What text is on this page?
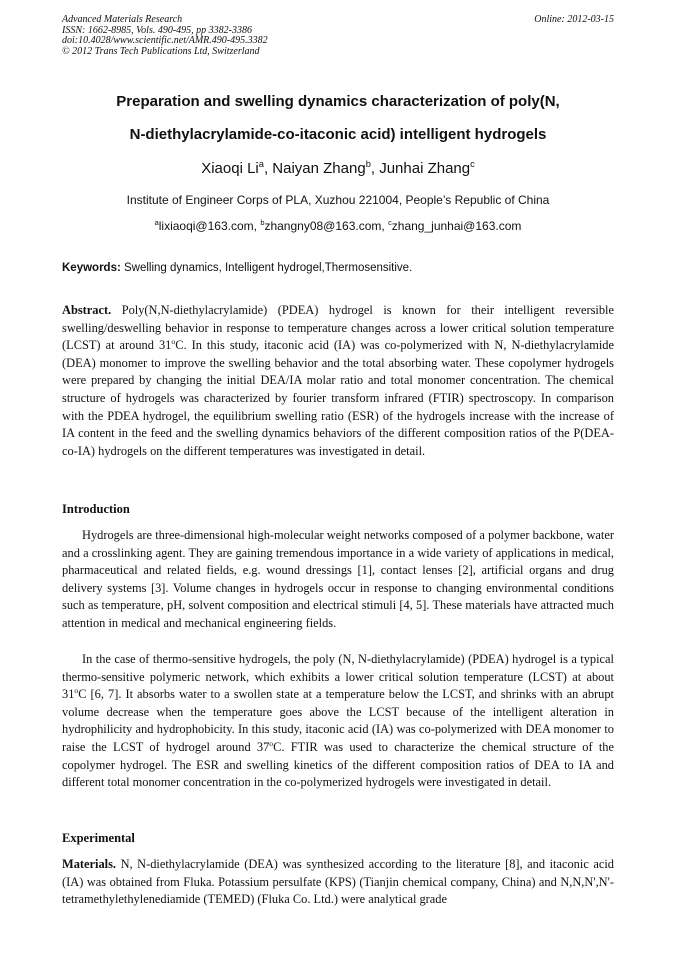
Advanced Materials Research
ISSN: 1662-8985, Vols. 490-495, pp 3382-3386
doi:10.4028/www.scientific.net/AMR.490-495.3382
© 2012 Trans Tech Publications Ltd, Switzerland
Online: 2012-03-15
Preparation and swelling dynamics characterization of poly(N,
N-diethylacrylamide-co-itaconic acid) intelligent hydrogels
Xiaoqi Li$^a$, Naiyan Zhang$^b$, Junhai Zhang$^c$
Institute of Engineer Corps of PLA, Xuzhou 221004, People’s Republic of China
$^a$lixiaoqi@163.com, $^b$zhangny08@163.com, $^c$zhang_junhai@163.com
Keywords: Swelling dynamics, Intelligent hydrogel,Thermosensitive.
Abstract. Poly(N,N-diethylacrylamide) (PDEA) hydrogel is known for their intelligent reversible swelling/deswelling behavior in response to temperature changes across a lower critical solution temperature (LCST) at around 31$^o$C. In this study, itaconic acid (IA) was co-polymerized with N, N-diethylacrylamide (DEA) monomer to improve the swelling behavior and the total absorbing water. These copolymer hydrogels were prepared by changing the initial DEA/IA molar ratio and total monomer concentration. The chemical structure of hydrogels was characterized by fourier transform infrared (FTIR) spectroscopy. In comparison with the PDEA hydrogel, the equilibrium swelling ratio (ESR) of the hydrogels increase with the increase of IA content in the feed and the swelling dynamics behaviors of the different composition ratios of the P(DEA-co-IA) hydrogels on the different temperatures was investigated in detail.
Introduction
Hydrogels are three-dimensional high-molecular weight networks composed of a polymer backbone, water and a crosslinking agent. They are gaining tremendous importance in a wide variety of applications in medical, pharmaceutical and related fields, e.g. wound dressings [1], contact lenses [2], artificial organs and drug delivery systems [3]. Volume changes in hydrogels occur in response to changing environmental conditions such as temperature, pH, solvent composition and electrical stimuli [4, 5]. These materials have attracted much attention in medical and mechanical engineering fields.
In the case of thermo-sensitive hydrogels, the poly (N, N-diethylacrylamide) (PDEA) hydrogel is a typical thermo-sensitive polymeric network, which exhibits a lower critical solution temperature (LCST) at about 31$^o$C [6, 7]. It absorbs water to a swollen state at a temperature below the LCST, and shrinks with an abrupt volume decrease when the temperature goes above the LCST because of the intelligent alteration in hydrophilicity and hydrophobicity. In this study, itaconic acid (IA) was co-polymerized with DEA monomer to raise the LCST of hydrogel around 37$^o$C. FTIR was used to characterize the chemical structure of the copolymer hydrogel. The ESR and swelling kinetics of the different composition ratios of DEA to IA and different total monomer concentration in the co-polymerized hydrogels were investigated in detail.
Experimental
Materials. N, N-diethylacrylamide (DEA) was synthesized according to the literature [8], and itaconic acid (IA) was obtained from Fluka. Potassium persulfate (KPS) (Tianjin chemical company, China) and N,N,N',N'-tetramethylethylenediamide (TEMED) (Fluka Co. Ltd.) were analytical grade
